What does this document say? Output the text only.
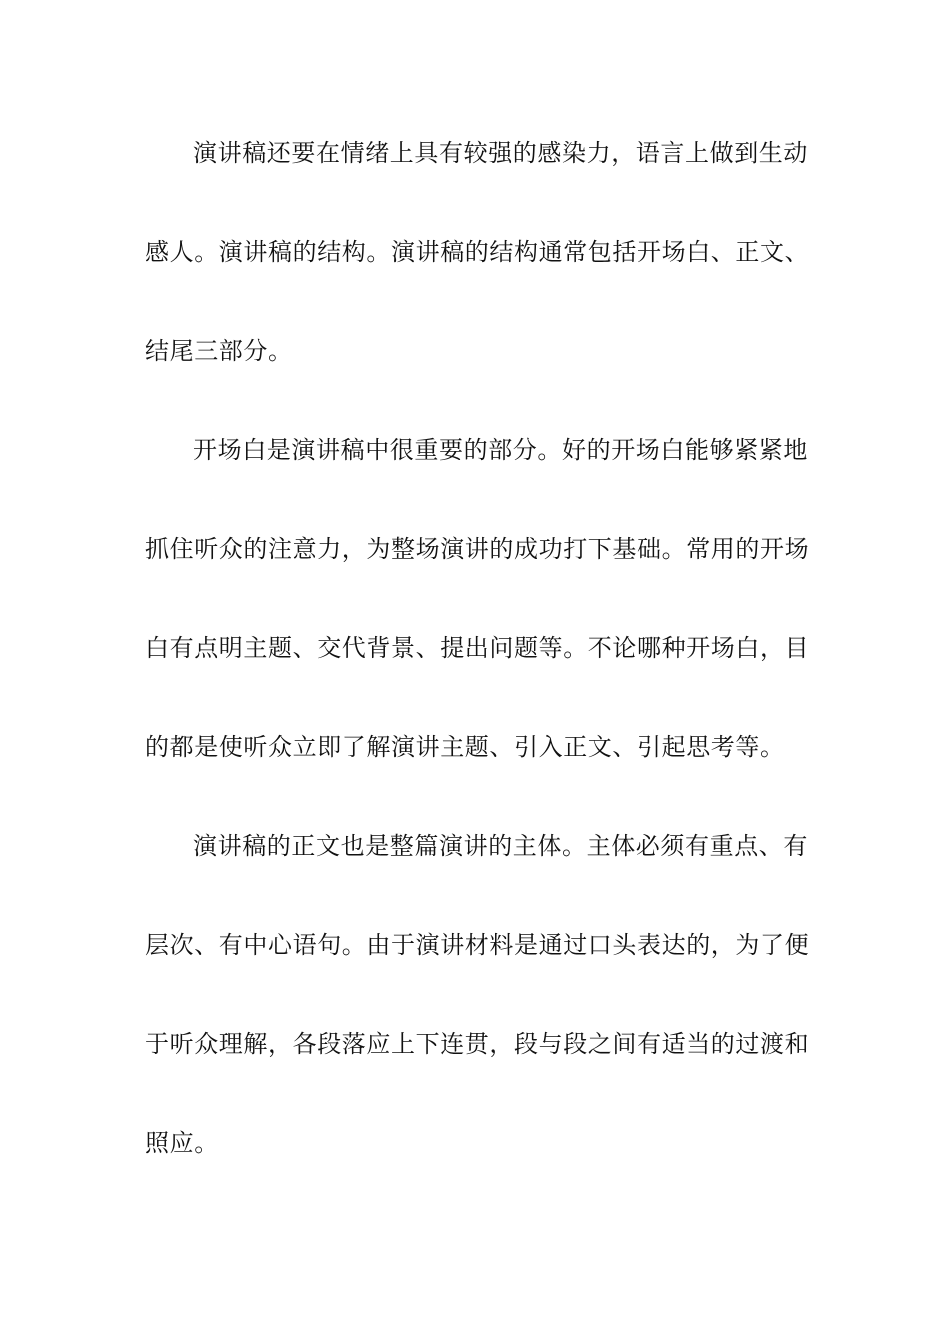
演讲稿还要在情绪上具有较强的感染力，语言上做到生动
感人。演讲稿的结构。演讲稿的结构通常包括开场白、正文、
结尾三部分。

开场白是演讲稿中很重要的部分。好的开场白能够紧紧地
抓住听众的注意力，为整场演讲的成功打下基础。常用的开场
白有点明主题、交代背景、提出问题等。不论哪种开场白，目
的都是使听众立即了解演讲主题、引入正文、引起思考等。

演讲稿的正文也是整篇演讲的主体。主体必须有重点、有
层次、有中心语句。由于演讲材料是通过口头表达的，为了便
于听众理解，各段落应上下连贯，段与段之间有适当的过渡和
照应。
